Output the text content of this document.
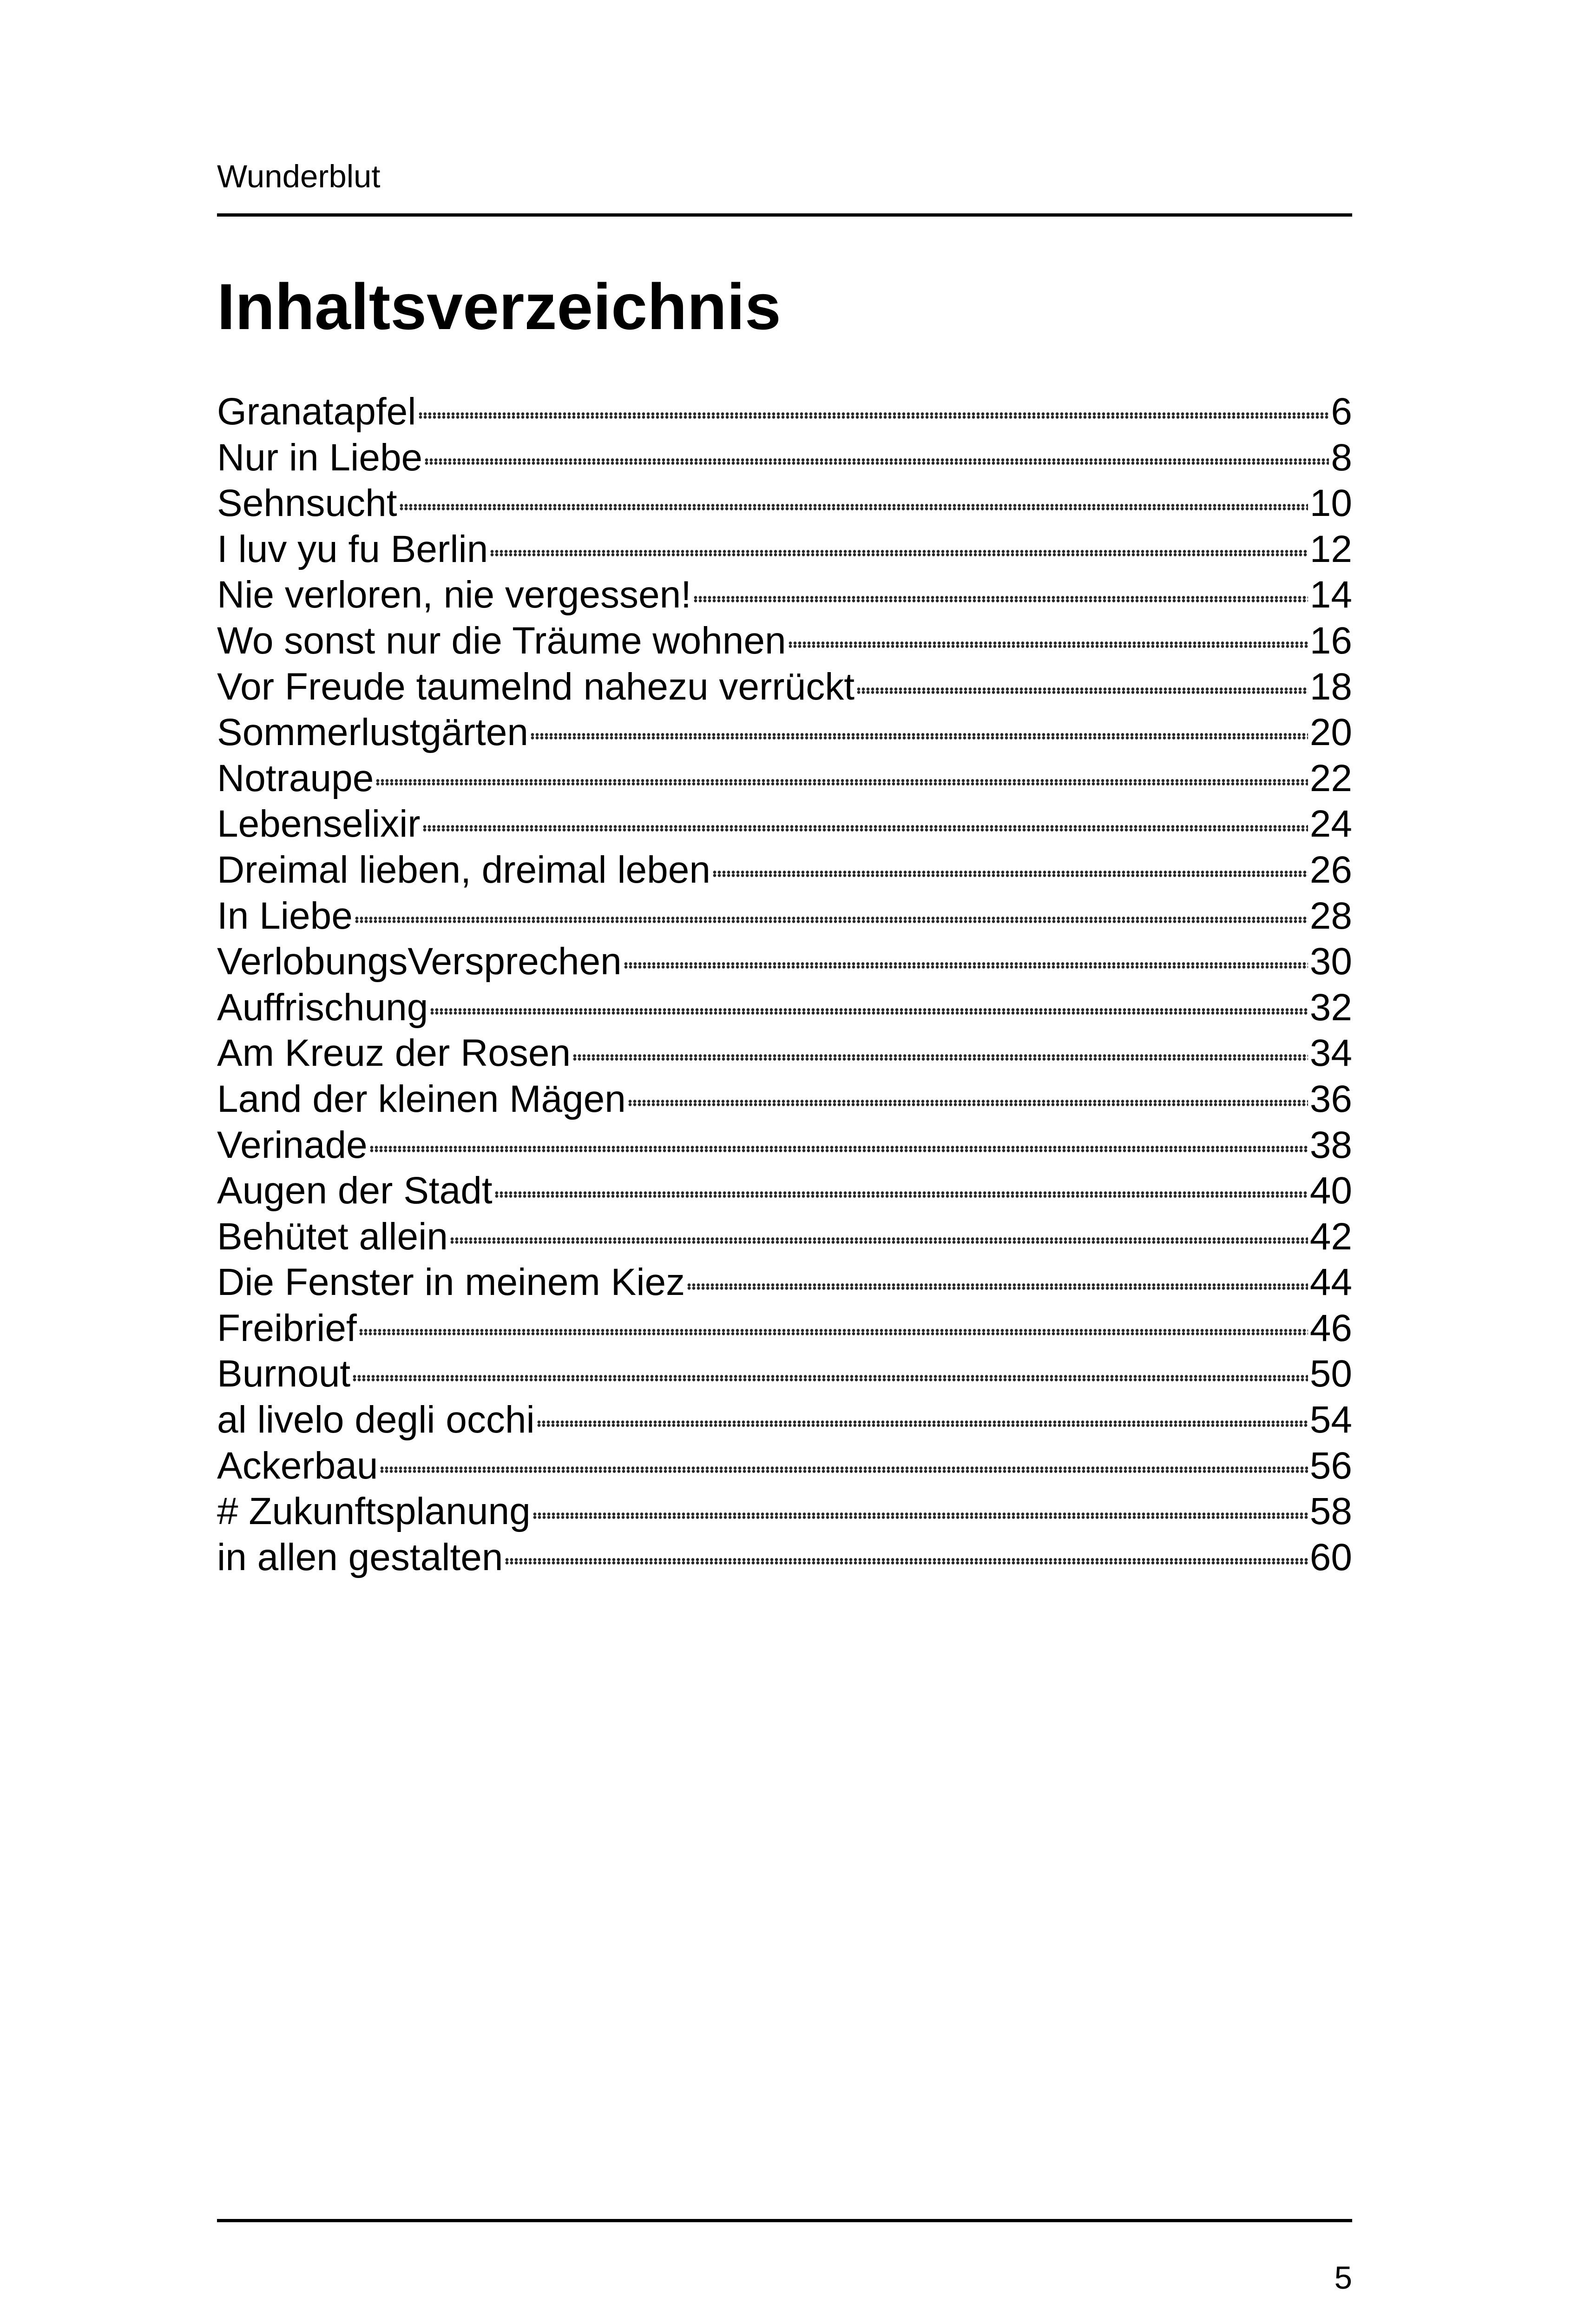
Wunderblut
Inhaltsverzeichnis
Granatapfel	6
Nur in Liebe	8
Sehnsucht	10
I luv yu fu Berlin	12
Nie verloren, nie vergessen!	14
Wo sonst nur die Träume wohnen	16
Vor Freude taumelnd nahezu verrückt	18
Sommerlustgärten	20
Notraupe	22
Lebenselixir	24
Dreimal lieben, dreimal leben	26
In Liebe	28
VerlobungsVersprechen	30
Auffrischung	32
Am Kreuz der Rosen	34
Land der kleinen Mägen	36
Verinade	38
Augen der Stadt	40
Behütet allein	42
Die Fenster in meinem Kiez	44
Freibrief	46
Burnout	50
al livelo degli occhi	54
Ackerbau	56
# Zukunftsplanung	58
in allen gestalten	60
5
